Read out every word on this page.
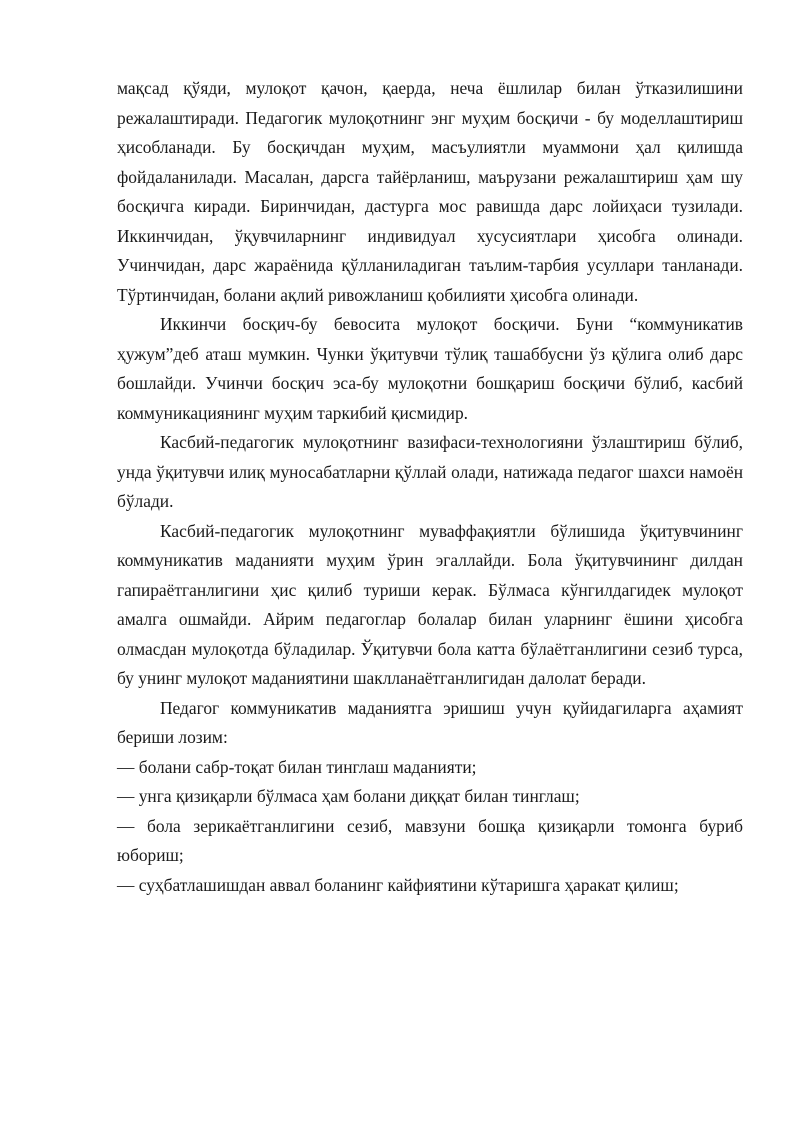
мақсад қўяди, мулоқот қачон, қаерда, неча ёшлилар билан ўтказилишини режалаштиради. Педагогик мулоқотнинг энг муҳим босқичи - бу моделлаштириш ҳисобланади. Бу босқичдан муҳим, масъулиятли муаммони ҳал қилишда фойдаланилади. Масалан, дарсга тайёрланиш, маърузани режалаштириш ҳам шу босқичга киради. Биринчидан, дастурга мос равишда дарс лойиҳаси тузилади. Иккинчидан, ўқувчиларнинг индивидуал хусусиятлари ҳисобга олинади. Учинчидан, дарс жараёнида қўлланиладиган таълим-тарбия усуллари танланади. Тўртинчидан, болани ақлий ривожланиш қобилияти ҳисобга олинади.

Иккинчи босқич-бу бевосита мулоқот босқичи. Буни “коммуникатив ҳужум”деб аташ мумкин. Чунки ўқитувчи тўлиқ ташаббусни ўз қўлига олиб дарс бошлайди. Учинчи босқич эса-бу мулоқотни бошқариш босқичи бўлиб, касбий коммуникациянинг муҳим таркибий қисмидир.

Касбий-педагогик мулоқотнинг вазифаси-технологияни ўзлаштириш бўлиб, унда ўқитувчи илиқ муносабатларни қўллай олади, натижада педагог шахси намоён бўлади.

Касбий-педагогик мулоқотнинг муваффақиятли бўлишида ўқитувчининг коммуникатив маданияти муҳим ўрин эгаллайди. Бола ўқитувчининг дилдан гапираётганлигини ҳис қилиб туриши керак. Бўлмаса кўнгилдагидек мулоқот амалга ошмайди. Айрим педагоглар болалар билан уларнинг ёшини ҳисобга олмасдан мулоқотда бўладилар. Ўқитувчи бола катта бўлаётганлигини сезиб турса, бу унинг мулоқот маданиятини шаклланаётганлигидан далолат беради.

Педагог коммуникатив маданиятга эришиш учун қуйидагиларга аҳамият бериши лозим:

— болани сабр-тоқат билан тинглаш маданияти;

— унга қизиқарли бўлмаса ҳам болани диққат билан тинглаш;

— бола зерикаётганлигини сезиб, мавзуни бошқа қизиқарли томонга буриб юбориш;

— суҳбатлашишдан аввал боланинг кайфиятини кўтаришга ҳаракат қилиш;
